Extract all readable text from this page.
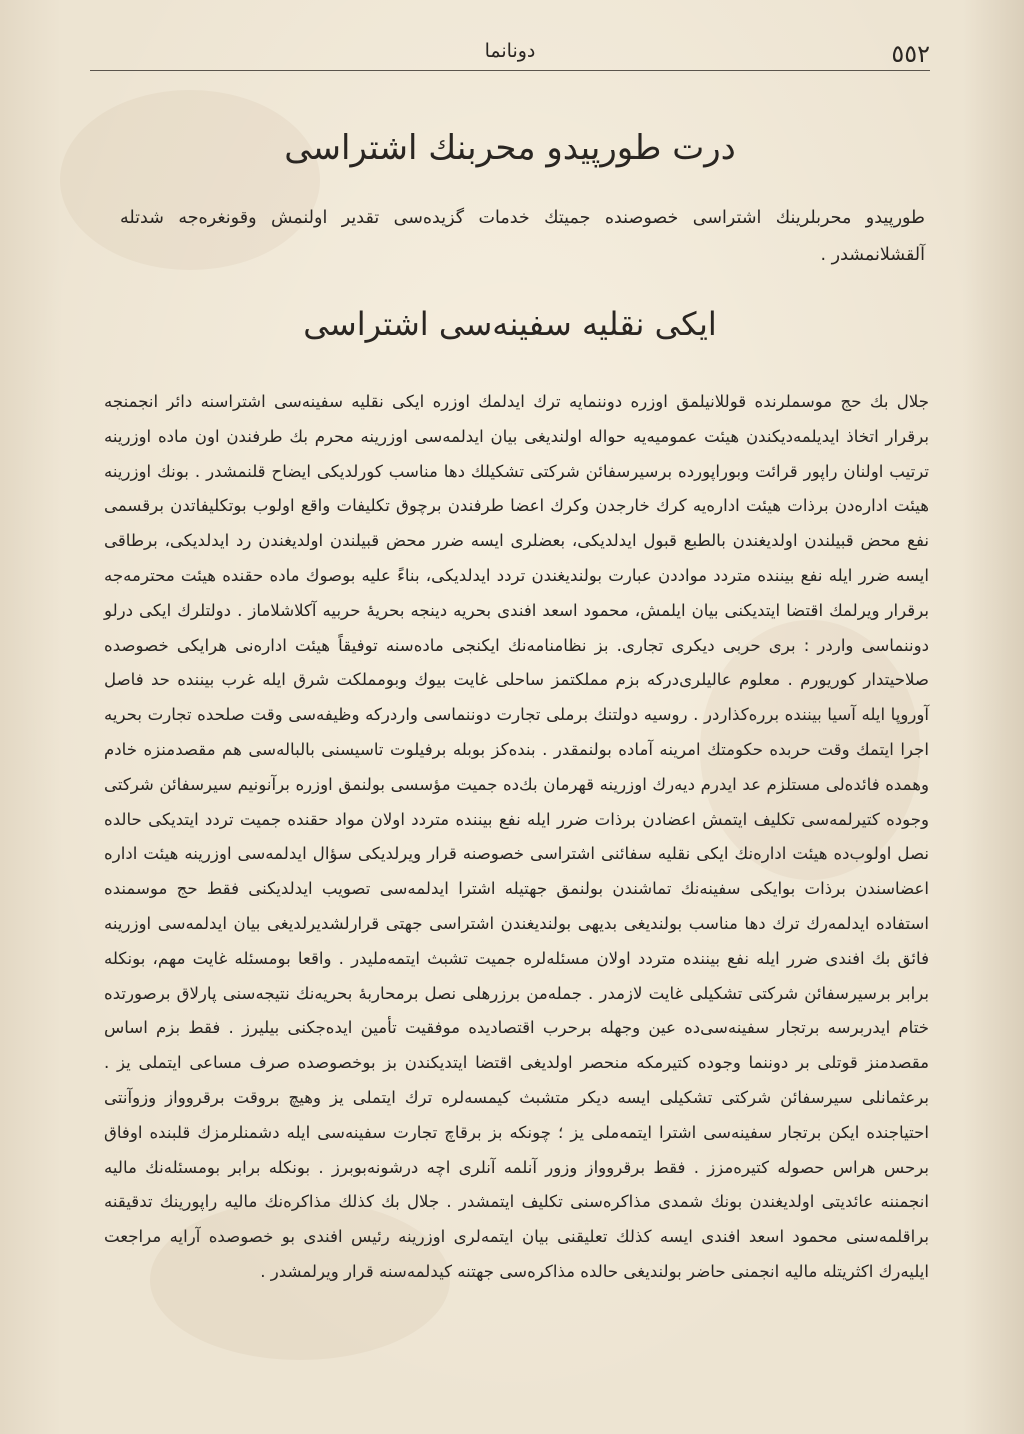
٥٥٢
دونانما
درت طورپیدو محربنك اشتراسی
طورپیدو محربلرینك اشتراسی خصوصنده جمیتك خدمات گزیده‌سی تقدیر اولنمش وقونغره‌جه شدتله آلقشلانمشدر .
ایکی نقلیه سفینه‌سی اشتراسی
جلال بك حج موسملرنده قوللانیلمق اوزره دوننمایه ترك ایدلمك اوزره ایکی نقلیه سفینه‌سی اشتراسنه دائر انجمنجه برقرار اتخاذ ایدیلمه‌دیکندن هیئت عمومیه‌یه حواله اولندیغی بیان ایدلمه‌سی اوزرینه محرم بك طرفندن اون ماده اوزرینه ترتیب اولنان راپور قرائت وبوراپورده برسیرسفائن شرکتی تشکیلك دها مناسب کورلدیکی ایضاح قلنمشدر . بونك اوزرینه هیئت اداره‌دن برذات هیئت اداره‌یه کرك خارجدن وکرك اعضا طرفندن برچوق تکلیفات واقع اولوب بوتکلیفاتدن برقسمی نفع محض قبیلندن اولدیغندن بالطبع قبول ایدلدیکی، بعضلری ایسه ضرر محض قبیلندن اولدیغندن رد ایدلدیکی، برطاقی ایسه ضرر ایله نفع بیننده متردد مواددن عبارت بولندیغندن تردد ایدلدیکی، بناءً علیه بوصوك ماده حقنده هیئت محترمه‌جه برقرار ویرلمك اقتضا ایتدیکنی بیان ایلمش، محمود اسعد افندی بحریه دینجه بحریهٔ حربیه آکلاشلاماز . دولتلرك ایکی درلو دوننماسی واردر : بری حربی دیکری تجاری. بز نظامنامه‌نك ایکنجی ماده‌سنه توفیقاً هیئت اداره‌نی هرایکی خصوصده صلاحیتدار کوریورم . معلوم عالیلری‌درکه بزم مملکتمز ساحلی غایت بیوك وبومملکت شرق ایله غرب بیننده حد فاصل آوروپا ایله آسیا بیننده برره‌کذاردر . روسیه دولتنك برملی تجارت دوننماسی واردرکه وظیفه‌سی وقت صلحده تجارت بحریه اجرا ایتمك وقت حربده حکومتك امرینه آماده بولنمقدر . بنده‌کز بوبله برفیلوت تاسیسنی بالباله‌سی هم مقصدمنزه خادم وهمده فائده‌لی مستلزم عد ایدرم دیه‌رك اوزرینه قهرمان بك‌ده جمیت مؤسسی بولنمق اوزره برآنونیم سیرسفائن شرکتی وجوده کتیرلمه‌سی تکلیف ایتمش اعضادن برذات ضرر ایله نفع بیننده متردد اولان مواد حقنده جمیت تردد ایتدیکی حالده نصل اولوب‌ده هیئت اداره‌نك ایکی نقلیه سفائنی اشتراسی خصوصنه قرار ویرلدیکی سؤال ایدلمه‌سی اوزرینه هیئت اداره اعضاسندن برذات بوایکی سفینه‌نك تماشندن بولنمق جهتیله اشترا ایدلمه‌سی تصویب ایدلدیکنی فقط حج موسمنده استفاده ایدلمه‌رك ترك دها مناسب بولندیغی بدیهی بولندیغندن اشتراسی جهتی قرارلشدیرلدیغی بیان ایدلمه‌سی اوزرینه فائق بك افندی ضرر ایله نفع بیننده متردد اولان مسئله‌لره جمیت تشبث ایتمه‌ملیدر . واقعا بومسئله غایت مهم، بونکله برابر برسیرسفائن شرکتی تشکیلی غایت لازمدر . جمله‌من برزرهلی نصل برمحاربهٔ بحریه‌نك نتیجه‌سنی پارلاق برصورتده ختام ایدربرسه برتجار سفینه‌سی‌ده عین وجهله برحرب اقتصادیده موفقیت تأمین ایده‌جکنی بیلیرز . فقط بزم اساس مقصدمنز قوتلی بر دوننما وجوده کتیرمکه منحصر اولدیغی اقتضا ایتدیکندن بز بوخصوصده صرف مساعی ایتملی یز . برعثمانلی سیرسفائن شرکتی تشکیلی ایسه دیکر متشبث کیمسه‌لره ترك ایتملی یز وهیچ بروقت برقروواز وزوآنتی احتیاجنده ایکن برتجار سفینه‌سی اشترا ایتمه‌ملی یز ؛ چونکه بز برقاچ تجارت سفینه‌سی ایله دشمنلرمزك قلبنده اوفاق برحس هراس حصوله کتیره‌مزز . فقط برقروواز وزور آنلمه آنلری اچه درشونه‌بوبرز . بونکله برابر بومسئله‌نك مالیه انجمننه عائدیتی اولدیغندن بونك شمدی مذاکره‌سنی تکلیف ایتمشدر . جلال بك کذلك مذاکره‌نك مالیه راپورینك تدقیقنه براقلمه‌سنی محمود اسعد افندی ایسه کذلك تعلیقنی بیان ایتمه‌لری اوزرینه رئیس افندی بو خصوصده آرایه مراجعت ایلیه‌رك اکثریتله مالیه انجمنی حاضر بولندیغی حالده مذاکره‌سی جهتنه کیدلمه‌سنه قرار ویرلمشدر .
